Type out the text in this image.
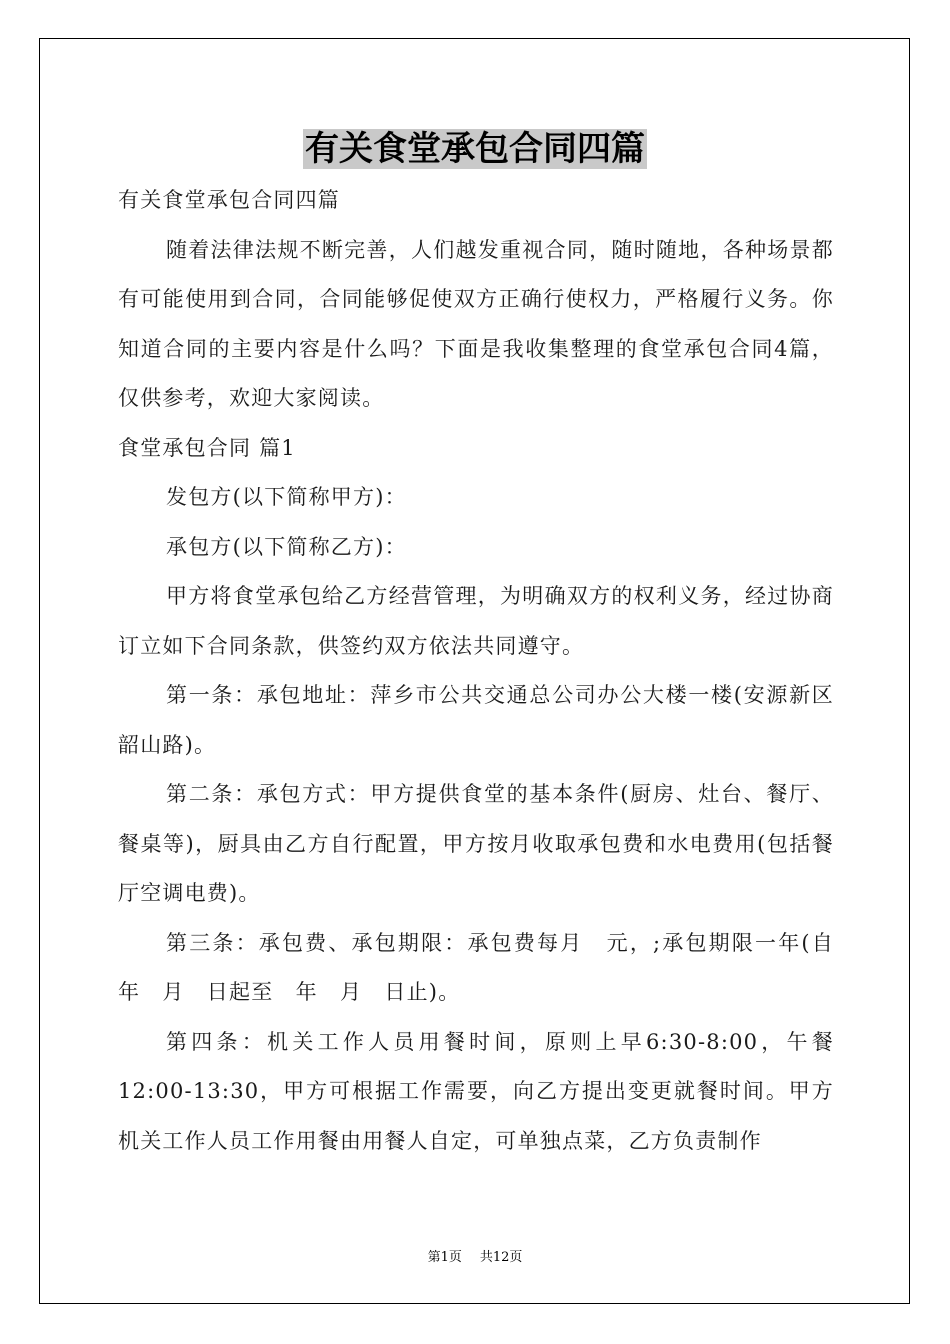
有关食堂承包合同四篇

有关食堂承包合同四篇

随着法律法规不断完善，人们越发重视合同，随时随地，各种场景都有可能使用到合同，合同能够促使双方正确行使权力，严格履行义务。你知道合同的主要内容是什么吗？下面是我收集整理的食堂承包合同4篇，仅供参考，欢迎大家阅读。

食堂承包合同 篇1

发包方(以下简称甲方)：

承包方(以下简称乙方)：

甲方将食堂承包给乙方经营管理，为明确双方的权利义务，经过协商订立如下合同条款，供签约双方依法共同遵守。

第一条：承包地址：萍乡市公共交通总公司办公大楼一楼(安源新区韶山路)。

第二条：承包方式：甲方提供食堂的基本条件(厨房、灶台、餐厅、餐桌等)，厨具由乙方自行配置，甲方按月收取承包费和水电费用(包括餐厅空调电费)。

第三条：承包费、承包期限：承包费每月　元，;承包期限一年(自　年　月　日起至　年　月　日止)。

第四条：机关工作人员用餐时间，原则上早6:30-8:00，午餐12:00-13:30，甲方可根据工作需要，向乙方提出变更就餐时间。甲方机关工作人员工作用餐由用餐人自定，可单独点菜，乙方负责制作

第1页 共12页
